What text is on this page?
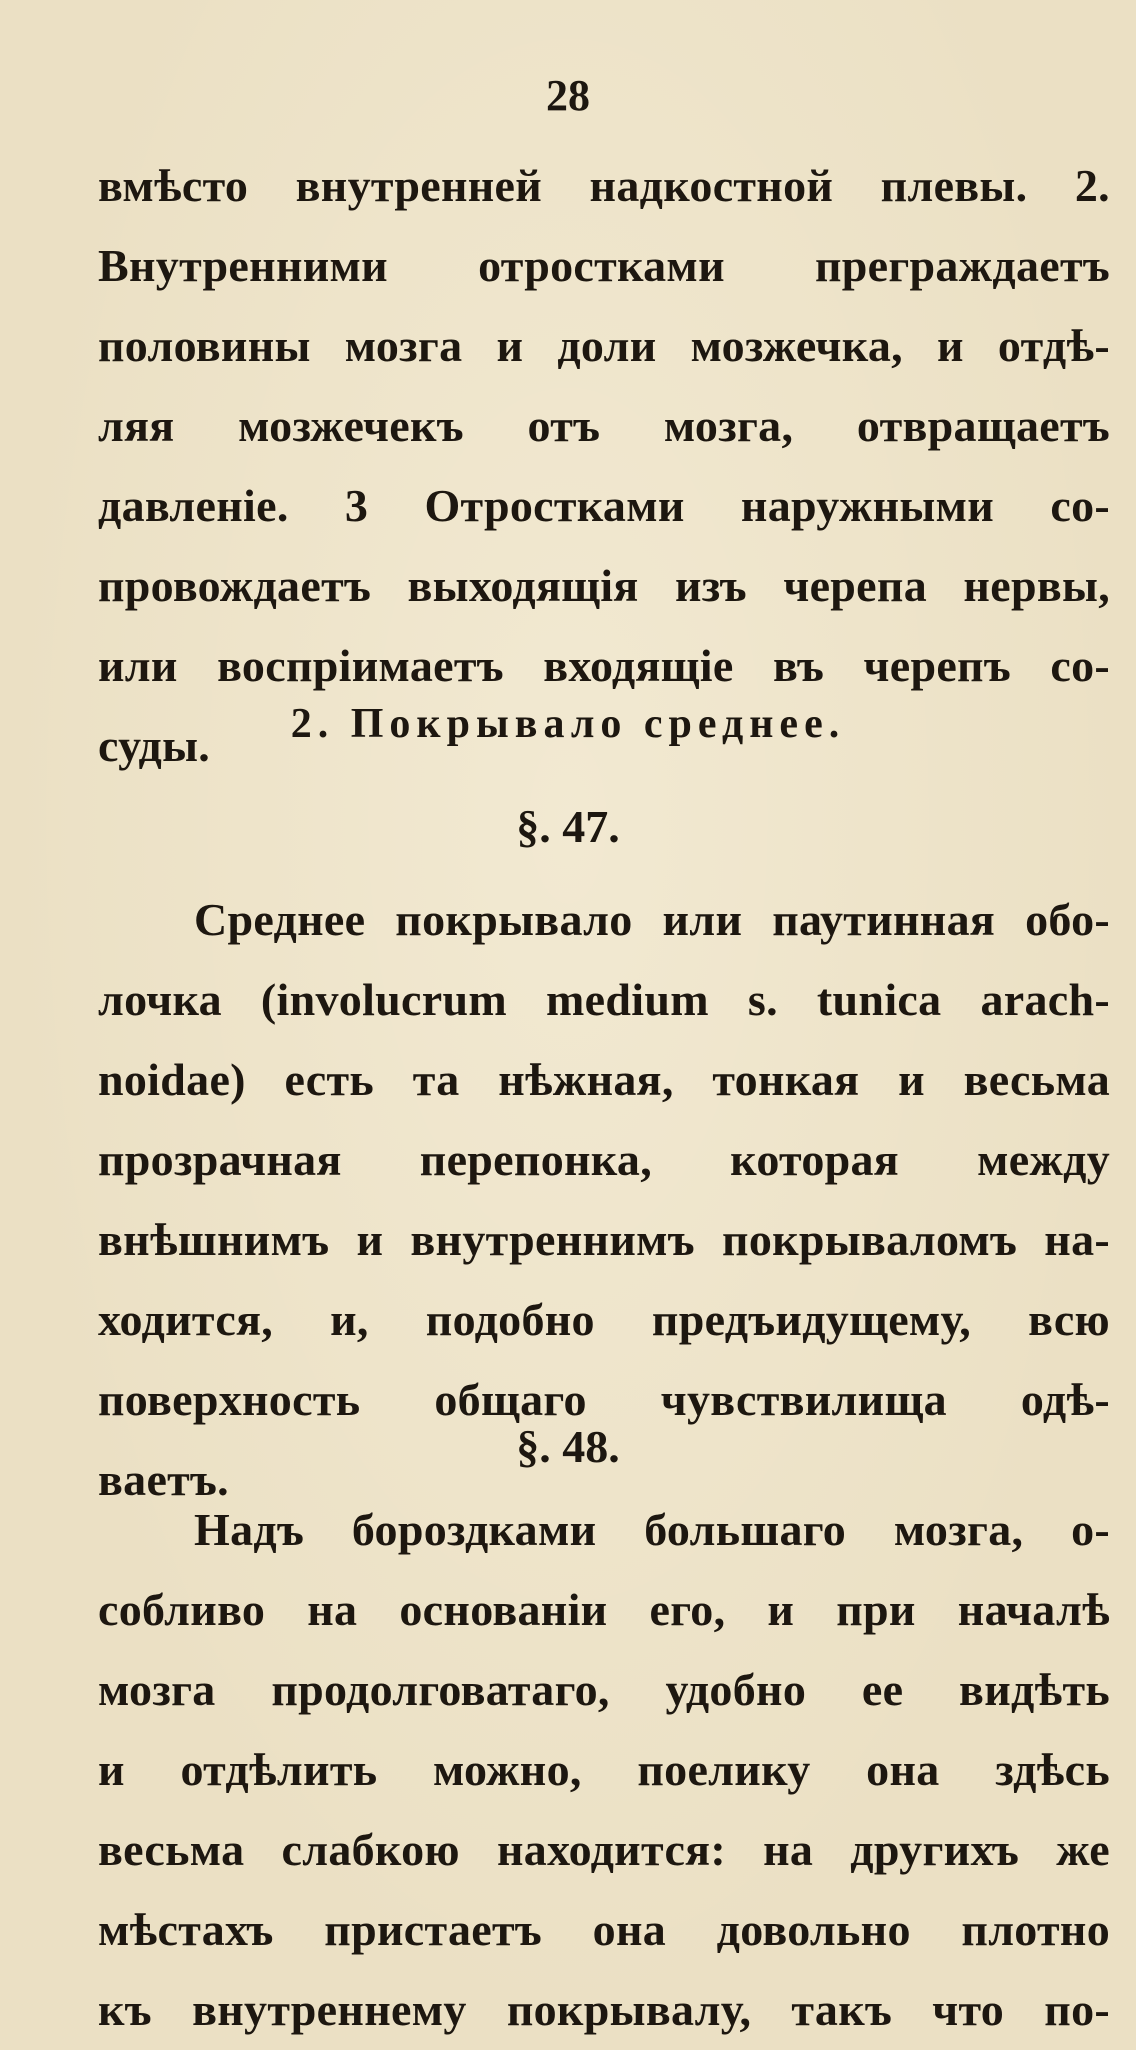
28
вмѣсто внутренней надкостной плевы. 2.
Внутренними отростками преграждаетъ
половины мозга и доли мозжечка, и отдѣ-
ляя мозжечекъ отъ мозга, отвращаетъ
давленіе. 3 Отростками наружными со-
провождаетъ выходящія изъ черепа нервы,
или воспріимаетъ входящіе въ черепъ со-
суды.	2. Покрывало среднее.
§. 47.
Среднее покрывало или паутинная обо-
лочка (involucrum medium s. tunica arach-
noidae) есть та нѣжная, тонкая и весьма
прозрачная перепонка, которая между
внѣшнимъ и внутреннимъ покрываломъ на-
ходится, и, подобно предъидущему, всю
поверхность общаго чувствилища одѣ-
ваетъ.
§. 48.
Надъ бороздками большаго мозга, о-
собливо на основаніи его, и при началѣ
мозга продолговатаго, удобно ее видѣть
и отдѣлить можно, поелику она здѣсь
весьма слабкою находится: на другихъ же
мѣстахъ пристаетъ она довольно плотно
къ внутреннему покрывалу, такъ что по-
